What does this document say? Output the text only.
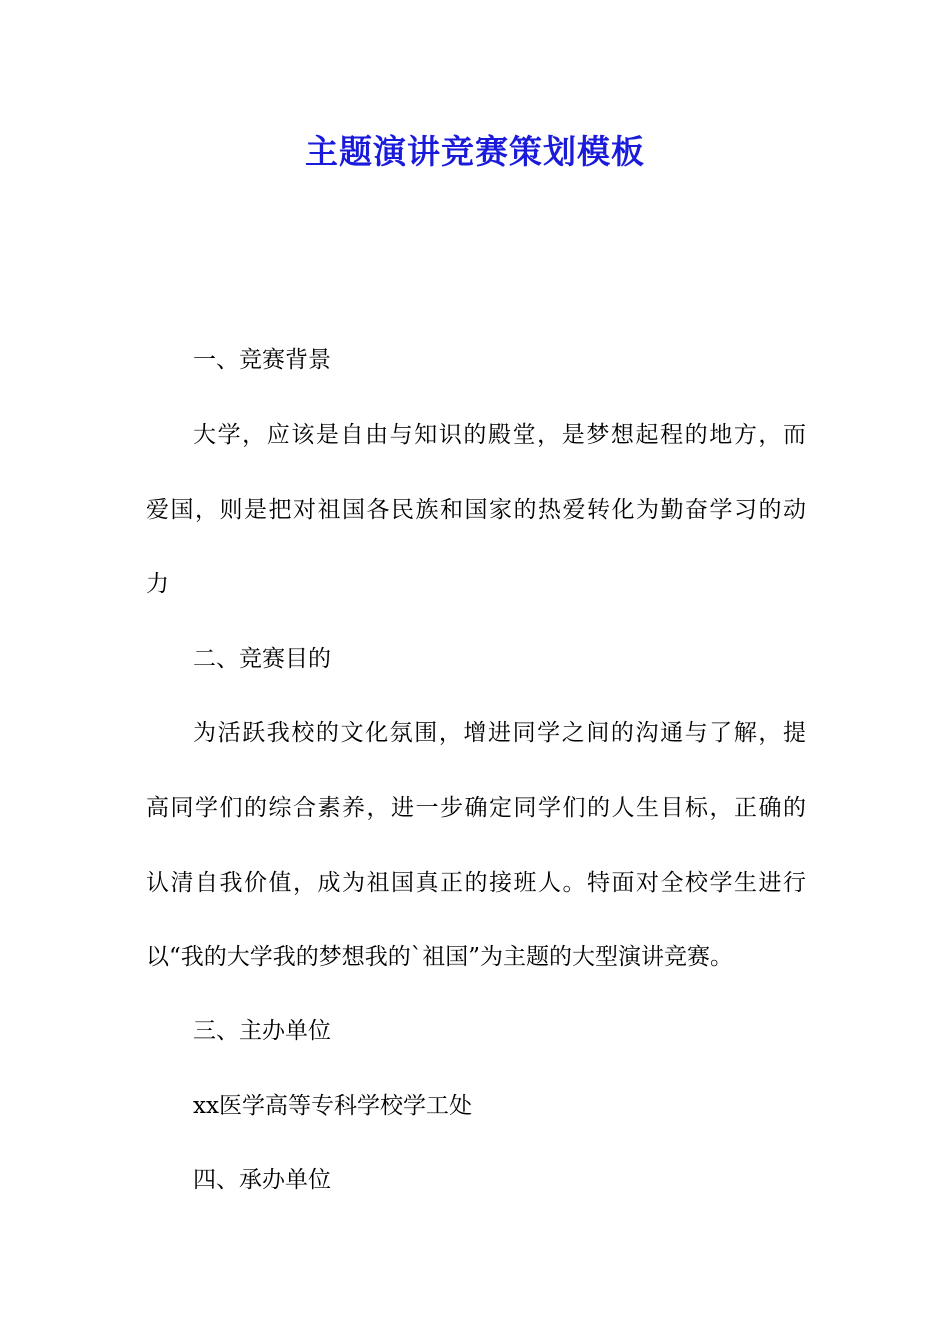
主题演讲竞赛策划模板

一、竞赛背景

大学，应该是自由与知识的殿堂，是梦想起程的地方，而

爱国，则是把对祖国各民族和国家的热爱转化为勤奋学习的动

力

二、竞赛目的

为活跃我校的文化氛围，增进同学之间的沟通与了解，提

高同学们的综合素养，进一步确定同学们的人生目标，正确的

认清自我价值，成为祖国真正的接班人。特面对全校学生进行

以“我的大学我的梦想我的`祖国”为主题的大型演讲竞赛。

三、主办单位

xx医学高等专科学校学工处

四、承办单位
